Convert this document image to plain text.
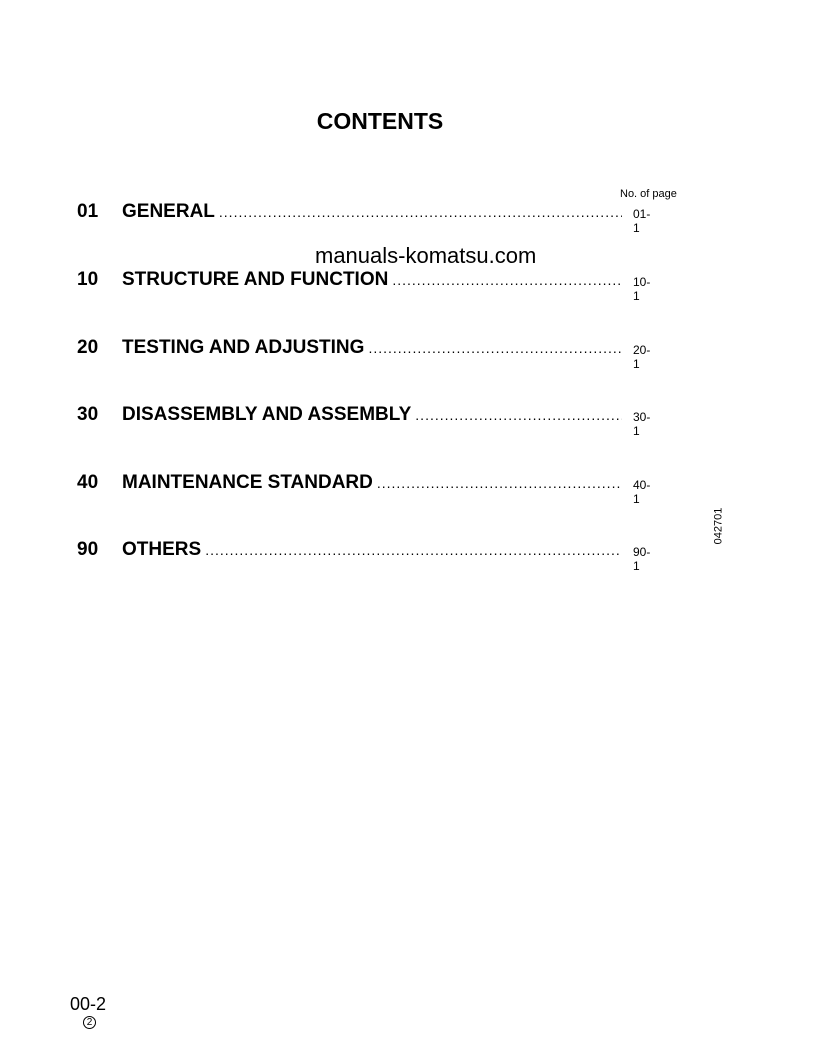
CONTENTS
No. of page
manuals-komatsu.com
01	GENERAL .....	01-1
10	STRUCTURE AND FUNCTION .....	10-1
20	TESTING AND ADJUSTING .....	20-1
30	DISASSEMBLY AND ASSEMBLY .....	30-1
40	MAINTENANCE STANDARD .....	40-1
90	OTHERS .....	90-1
042701
00-2
2
